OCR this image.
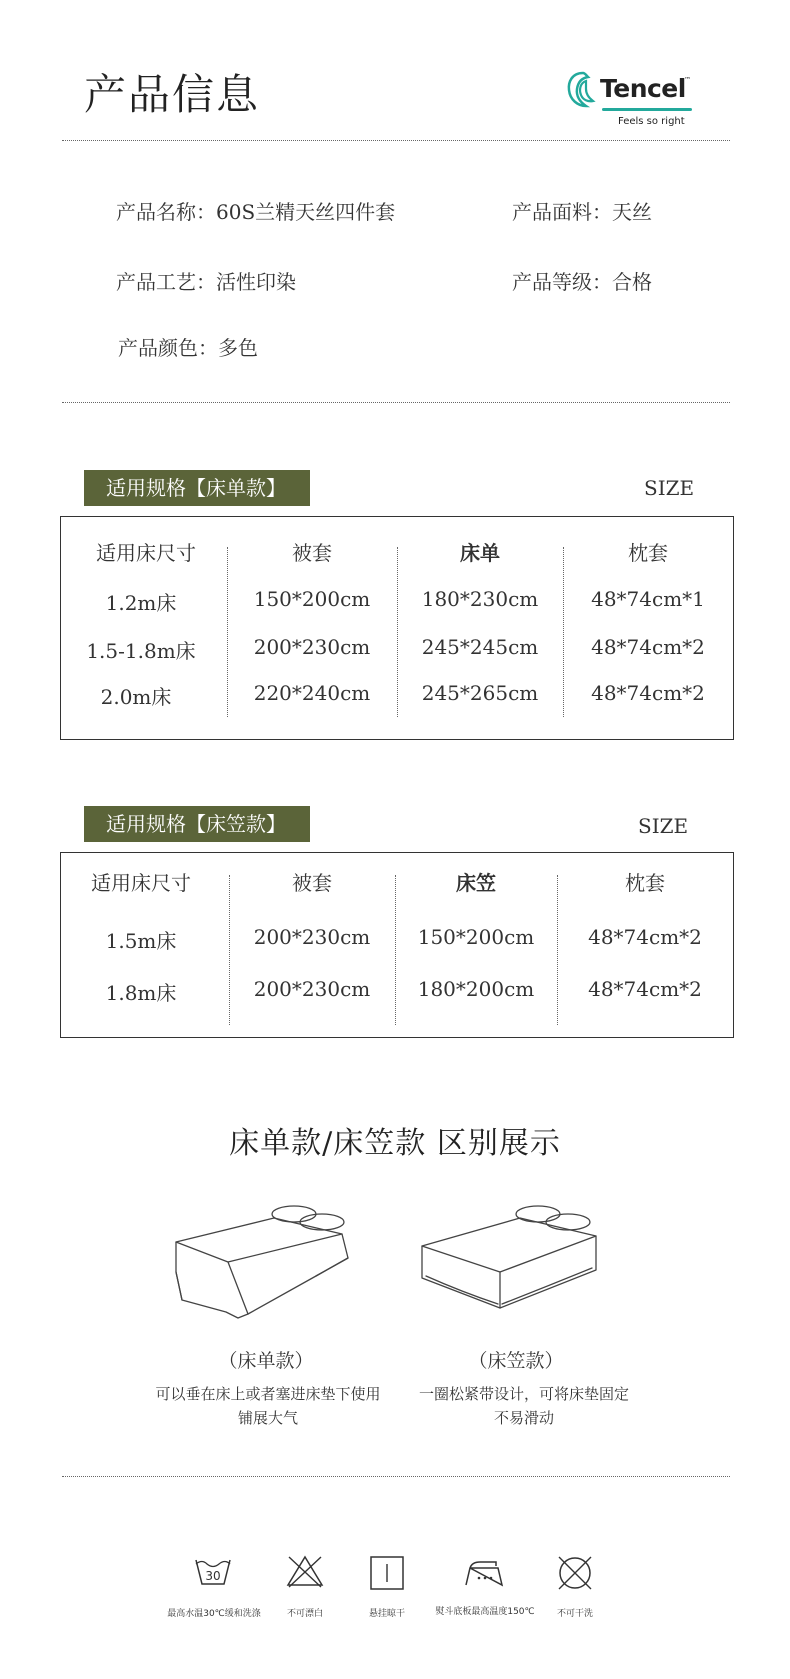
产品信息	Tencel
™
Feels so right
产品名称：60S兰精天丝四件套	产品面料：天丝
产品工艺：活性印染	产品等级：合格
产品颜色：多色
适用规格【床单款】	SIZE
适用床尺寸	被套	床单	枕套
1.2m床	150*200cm	180*230cm	48*74cm*1
1.5-1.8m床	200*230cm	245*245cm	48*74cm*2
2.0m床	220*240cm	245*265cm	48*74cm*2
适用规格【床笠款】	SIZE
适用床尺寸	被套	床笠	枕套
1.5m床	200*230cm	150*200cm	48*74cm*2
1.8m床	200*230cm	180*200cm	48*74cm*2
床单款/床笠款 区别展示
（床单款）
可以垂在床上或者塞进床垫下使用
铺展大气
（床笠款）
一圈松紧带设计，可将床垫固定
不易滑动
30
最高水温30℃缓和洗涤	不可漂白	悬挂晾干	熨斗底板最高温度150℃	不可干洗
